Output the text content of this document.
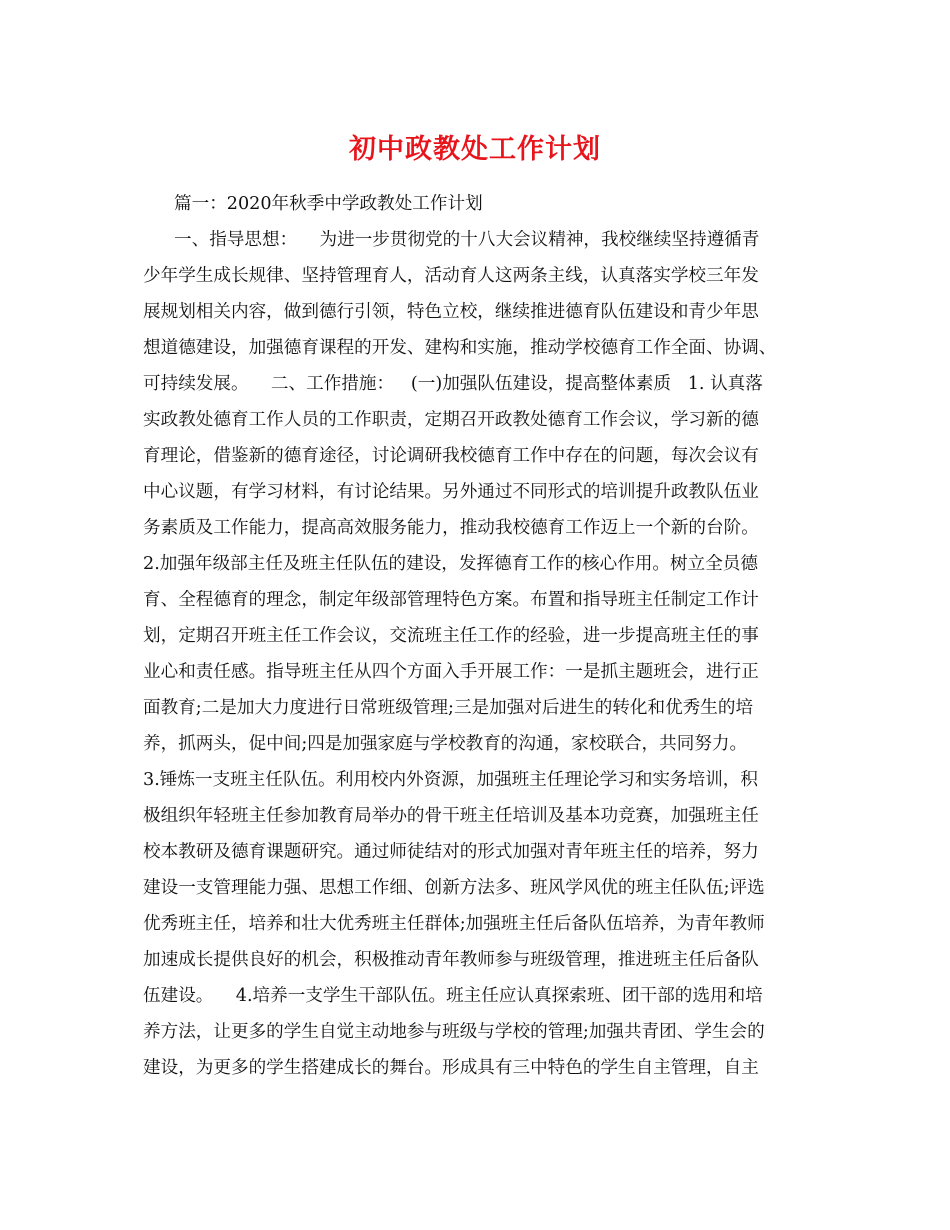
初中政教处工作计划
篇一：2020年秋季中学政教处工作计划
一、指导思想：    为进一步贯彻党的十八大会议精神，我校继续坚持遵循青
少年学生成长规律、坚持管理育人，活动育人这两条主线，认真落实学校三年发
展规划相关内容，做到德行引领，特色立校，继续推进德育队伍建设和青少年思
想道德建设，加强德育课程的开发、建构和实施，推动学校德育工作全面、协调、
可持续发展。    二、工作措施：   (一)加强队伍建设，提高整体素质   1. 认真落
实政教处德育工作人员的工作职责，定期召开政教处德育工作会议，学习新的德
育理论，借鉴新的德育途径，讨论调研我校德育工作中存在的问题，每次会议有
中心议题，有学习材料，有讨论结果。另外通过不同形式的培训提升政教队伍业
务素质及工作能力，提高高效服务能力，推动我校德育工作迈上一个新的台阶。
2.加强年级部主任及班主任队伍的建设，发挥德育工作的核心作用。树立全员德
育、全程德育的理念，制定年级部管理特色方案。布置和指导班主任制定工作计
划，定期召开班主任工作会议，交流班主任工作的经验，进一步提高班主任的事
业心和责任感。指导班主任从四个方面入手开展工作：一是抓主题班会，进行正
面教育;二是加大力度进行日常班级管理;三是加强对后进生的转化和优秀生的培
养，抓两头，促中间;四是加强家庭与学校教育的沟通，家校联合，共同努力。
3.锤炼一支班主任队伍。利用校内外资源，加强班主任理论学习和实务培训，积
极组织年轻班主任参加教育局举办的骨干班主任培训及基本功竞赛，加强班主任
校本教研及德育课题研究。通过师徒结对的形式加强对青年班主任的培养，努力
建设一支管理能力强、思想工作细、创新方法多、班风学风优的班主任队伍;评选
优秀班主任，培养和壮大优秀班主任群体;加强班主任后备队伍培养，为青年教师
加速成长提供良好的机会，积极推动青年教师参与班级管理，推进班主任后备队
伍建设。    4.培养一支学生干部队伍。班主任应认真探索班、团干部的选用和培
养方法，让更多的学生自觉主动地参与班级与学校的管理;加强共青团、学生会的
建设，为更多的学生搭建成长的舞台。形成具有三中特色的学生自主管理，自主
